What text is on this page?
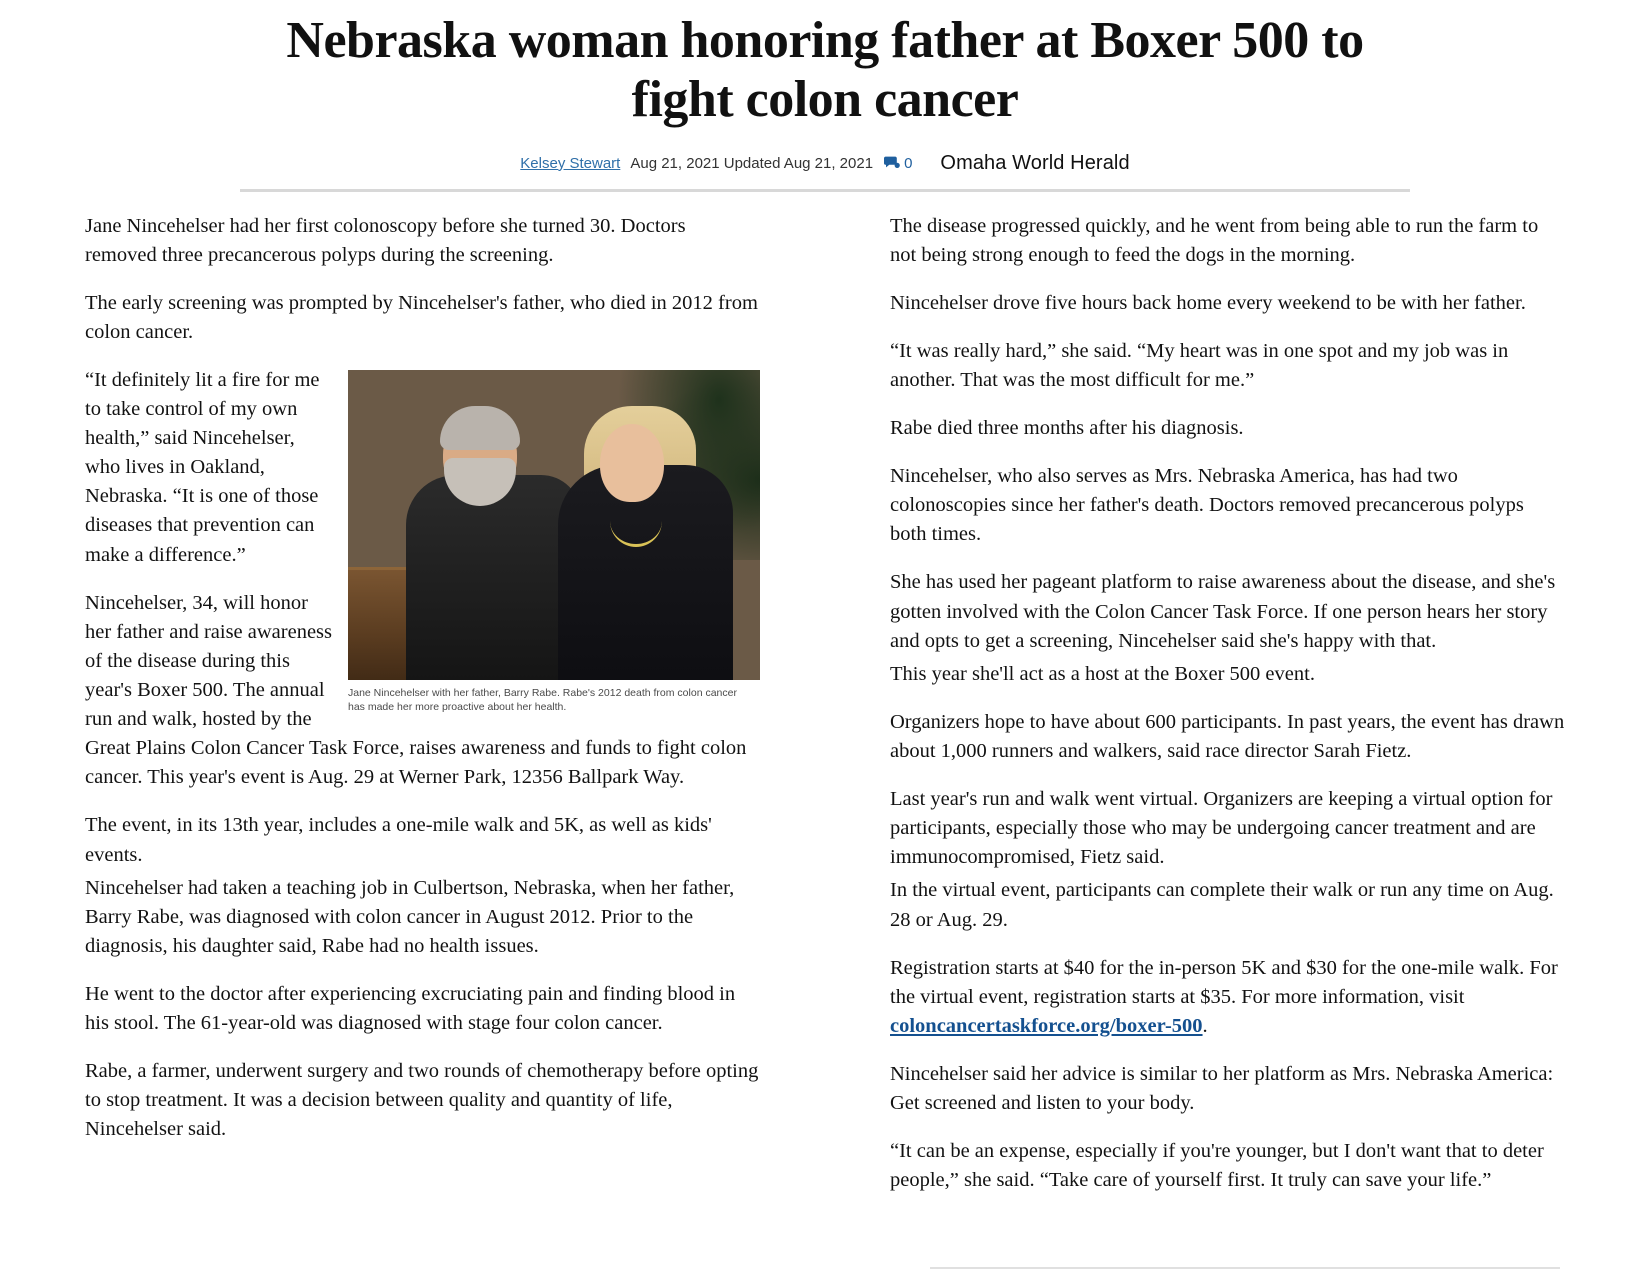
Nebraska woman honoring father at Boxer 500 to fight colon cancer
Kelsey Stewart Aug 21, 2021 Updated Aug 21, 2021 0 Omaha World Herald

Jane Nincehelser had her first colonoscopy before she turned 30. Doctors removed three precancerous polyps during the screening.

The early screening was prompted by Nincehelser's father, who died in 2012 from colon cancer.

Jane Nincehelser with her father, Barry Rabe. Rabe's 2012 death from colon cancer has made her more proactive about her health.

“It definitely lit a fire for me to take control of my own health,” said Nincehelser, who lives in Oakland, Nebraska. “It is one of those diseases that prevention can make a difference.”

Nincehelser, 34, will honor her father and raise awareness of the disease during this year's Boxer 500. The annual run and walk, hosted by the Great Plains Colon Cancer Task Force, raises awareness and funds to fight colon cancer. This year's event is Aug. 29 at Werner Park, 12356 Ballpark Way.

The event, in its 13th year, includes a one-mile walk and 5K, as well as kids' events.

Nincehelser had taken a teaching job in Culbertson, Nebraska, when her father, Barry Rabe, was diagnosed with colon cancer in August 2012. Prior to the diagnosis, his daughter said, Rabe had no health issues.

He went to the doctor after experiencing excruciating pain and finding blood in his stool. The 61-year-old was diagnosed with stage four colon cancer.

Rabe, a farmer, underwent surgery and two rounds of chemotherapy before opting to stop treatment. It was a decision between quality and quantity of life, Nincehelser said.

The disease progressed quickly, and he went from being able to run the farm to not being strong enough to feed the dogs in the morning.

Nincehelser drove five hours back home every weekend to be with her father.

“It was really hard,” she said. “My heart was in one spot and my job was in another. That was the most difficult for me.”

Rabe died three months after his diagnosis.

Nincehelser, who also serves as Mrs. Nebraska America, has had two colonoscopies since her father's death. Doctors removed precancerous polyps both times.

She has used her pageant platform to raise awareness about the disease, and she's gotten involved with the Colon Cancer Task Force. If one person hears her story and opts to get a screening, Nincehelser said she's happy with that.

This year she'll act as a host at the Boxer 500 event.

Organizers hope to have about 600 participants. In past years, the event has drawn about 1,000 runners and walkers, said race director Sarah Fietz.

Last year's run and walk went virtual. Organizers are keeping a virtual option for participants, especially those who may be undergoing cancer treatment and are immunocompromised, Fietz said.

In the virtual event, participants can complete their walk or run any time on Aug. 28 or Aug. 29.

Registration starts at $40 for the in-person 5K and $30 for the one-mile walk. For the virtual event, registration starts at $35. For more information, visit coloncancertaskforce.org/boxer-500.

Nincehelser said her advice is similar to her platform as Mrs. Nebraska America: Get screened and listen to your body.

“It can be an expense, especially if you're younger, but I don't want that to deter people,” she said. “Take care of yourself first. It truly can save your life.”
